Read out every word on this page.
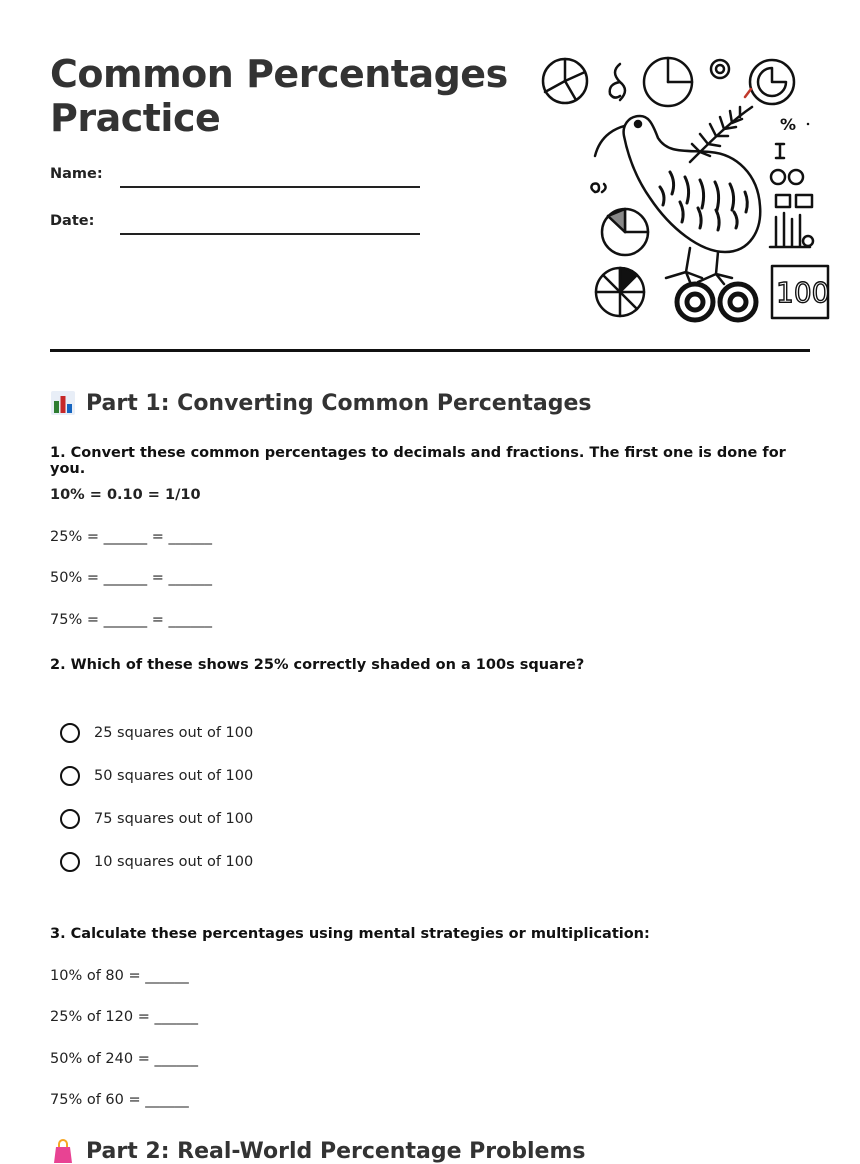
Common Percentages
Practice
Name:
Date:
%
100
Part 1: Converting Common Percentages

1. Convert these common percentages to decimals and fractions. The first one is done for you.

10% = 0.10 = 1/10
25% = ______ = ______
50% = ______ = ______
75% = ______ = ______

2. Which of these shows 25% correctly shaded on a 100s square?

25 squares out of 100
50 squares out of 100
75 squares out of 100
10 squares out of 100

3. Calculate these percentages using mental strategies or multiplication:

10% of 80 = ______
25% of 120 = ______
50% of 240 = ______
75% of 60 = ______
Part 2: Real-World Percentage Problems
